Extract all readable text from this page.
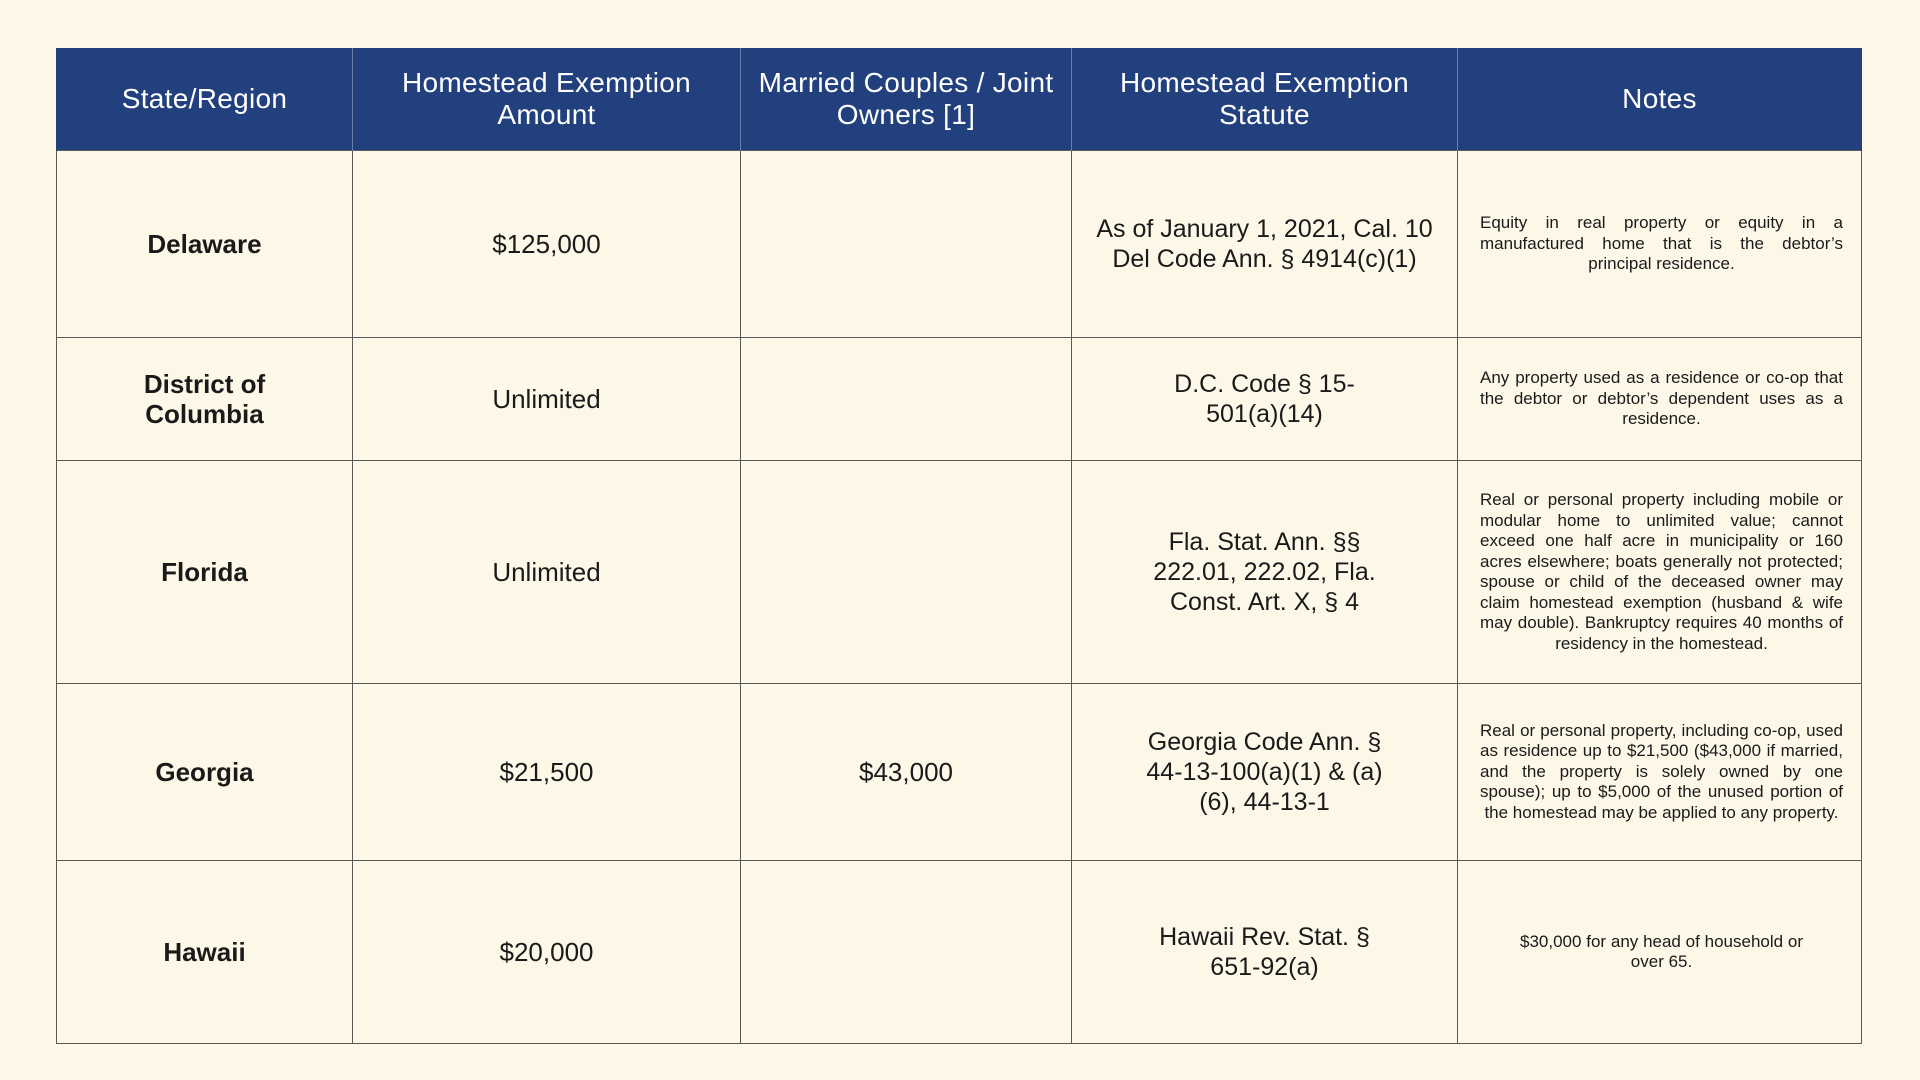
State/Region	Homestead Exemption Amount	Married Couples / Joint Owners [1]	Homestead Exemption Statute	Notes
Delaware	$125,000		As of January 1, 2021, Cal. 10 Del Code Ann. § 4914(c)(1)	Equity in real property or equity in a manufactured home that is the debtor’s principal residence.

District of Columbia	Unlimited		D.C. Code § 15-501(a)(14)	Any property used as a residence or co-op that the debtor or debtor’s dependent uses as a residence.

Florida	Unlimited		Fla. Stat. Ann. §§ 222.01, 222.02, Fla. Const. Art. X, § 4	Real or personal property including mobile or modular home to unlimited value; cannot exceed one half acre in municipality or 160 acres elsewhere; boats generally not protected; spouse or child of the deceased owner may claim homestead exemption (husband & wife may double). Bankruptcy requires 40 months of residency in the homestead.

Georgia	$21,500	$43,000	Georgia Code Ann. § 44-13-100(a)(1) & (a)(6), 44-13-1	Real or personal property, including co-op, used as residence up to $21,500 ($43,000 if married, and the property is solely owned by one spouse); up to $5,000 of the unused portion of the homestead may be applied to any property.

Hawaii	$20,000		Hawaii Rev. Stat. § 651-92(a)	$30,000 for any head of household or over 65.
